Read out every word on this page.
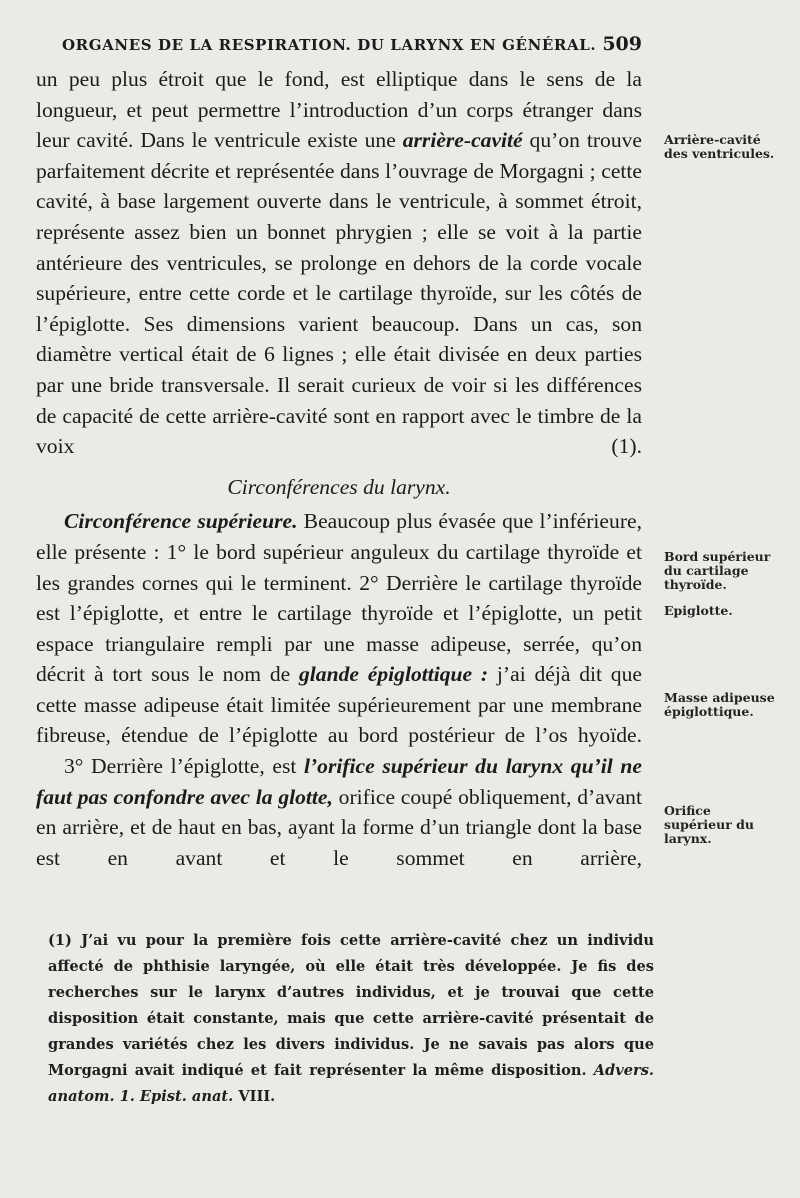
ORGANES DE LA RESPIRATION. DU LARYNX EN GÉNÉRAL. 509

un peu plus étroit que le fond, est elliptique dans le sens de la longueur, et peut permettre l’introduction d’un corps étranger dans leur cavité. Dans le ventricule existe une arrière-cavité qu’on trouve parfaitement décrite et représentée dans l’ouvrage de Morgagni ; cette cavité, à base largement ouverte dans le ventricule, à sommet étroit, représente assez bien un bonnet phrygien ; elle se voit à la partie antérieure des ventricules, se prolonge en dehors de la corde vocale supérieure, entre cette corde et le cartilage thyroïde, sur les côtés de l’épiglotte. Ses dimensions varient beaucoup. Dans un cas, son diamètre vertical était de 6 lignes ; elle était divisée en deux parties par une bride transversale. Il serait curieux de voir si les différences de capacité de cette arrière-cavité sont en rapport avec le timbre de la voix (1).

Circonférences du larynx.

Circonférence supérieure. Beaucoup plus évasée que l’inférieure, elle présente : 1° le bord supérieur anguleux du cartilage thyroïde et les grandes cornes qui le terminent. 2° Derrière le cartilage thyroïde est l’épiglotte, et entre le cartilage thyroïde et l’épiglotte, un petit espace triangulaire rempli par une masse adipeuse, serrée, qu’on décrit à tort sous le nom de glande épiglottique : j’ai déjà dit que cette masse adipeuse était limitée supérieurement par une membrane fibreuse, étendue de l’épiglotte au bord postérieur de l’os hyoïde.

3° Derrière l’épiglotte, est l’orifice supérieur du larynx qu’il ne faut pas confondre avec la glotte, orifice coupé obliquement, d’avant en arrière, et de haut en bas, ayant la forme d’un triangle dont la base est en avant et le sommet en arrière,

Arrière-cavité des ventricules.
Bord supérieur du cartilage thyroïde.
Epiglotte.
Masse adipeuse épiglottique.
Orifice supérieur du larynx.

(1) J’ai vu pour la première fois cette arrière-cavité chez un individu affecté de phthisie laryngée, où elle était très développée. Je fis des recherches sur le larynx d’autres individus, et je trouvai que cette disposition était constante, mais que cette arrière-cavité présentait de grandes variétés chez les divers individus. Je ne savais pas alors que Morgagni avait indiqué et fait représenter la même disposition. Advers. anatom. 1. Epist. anat. VIII.
